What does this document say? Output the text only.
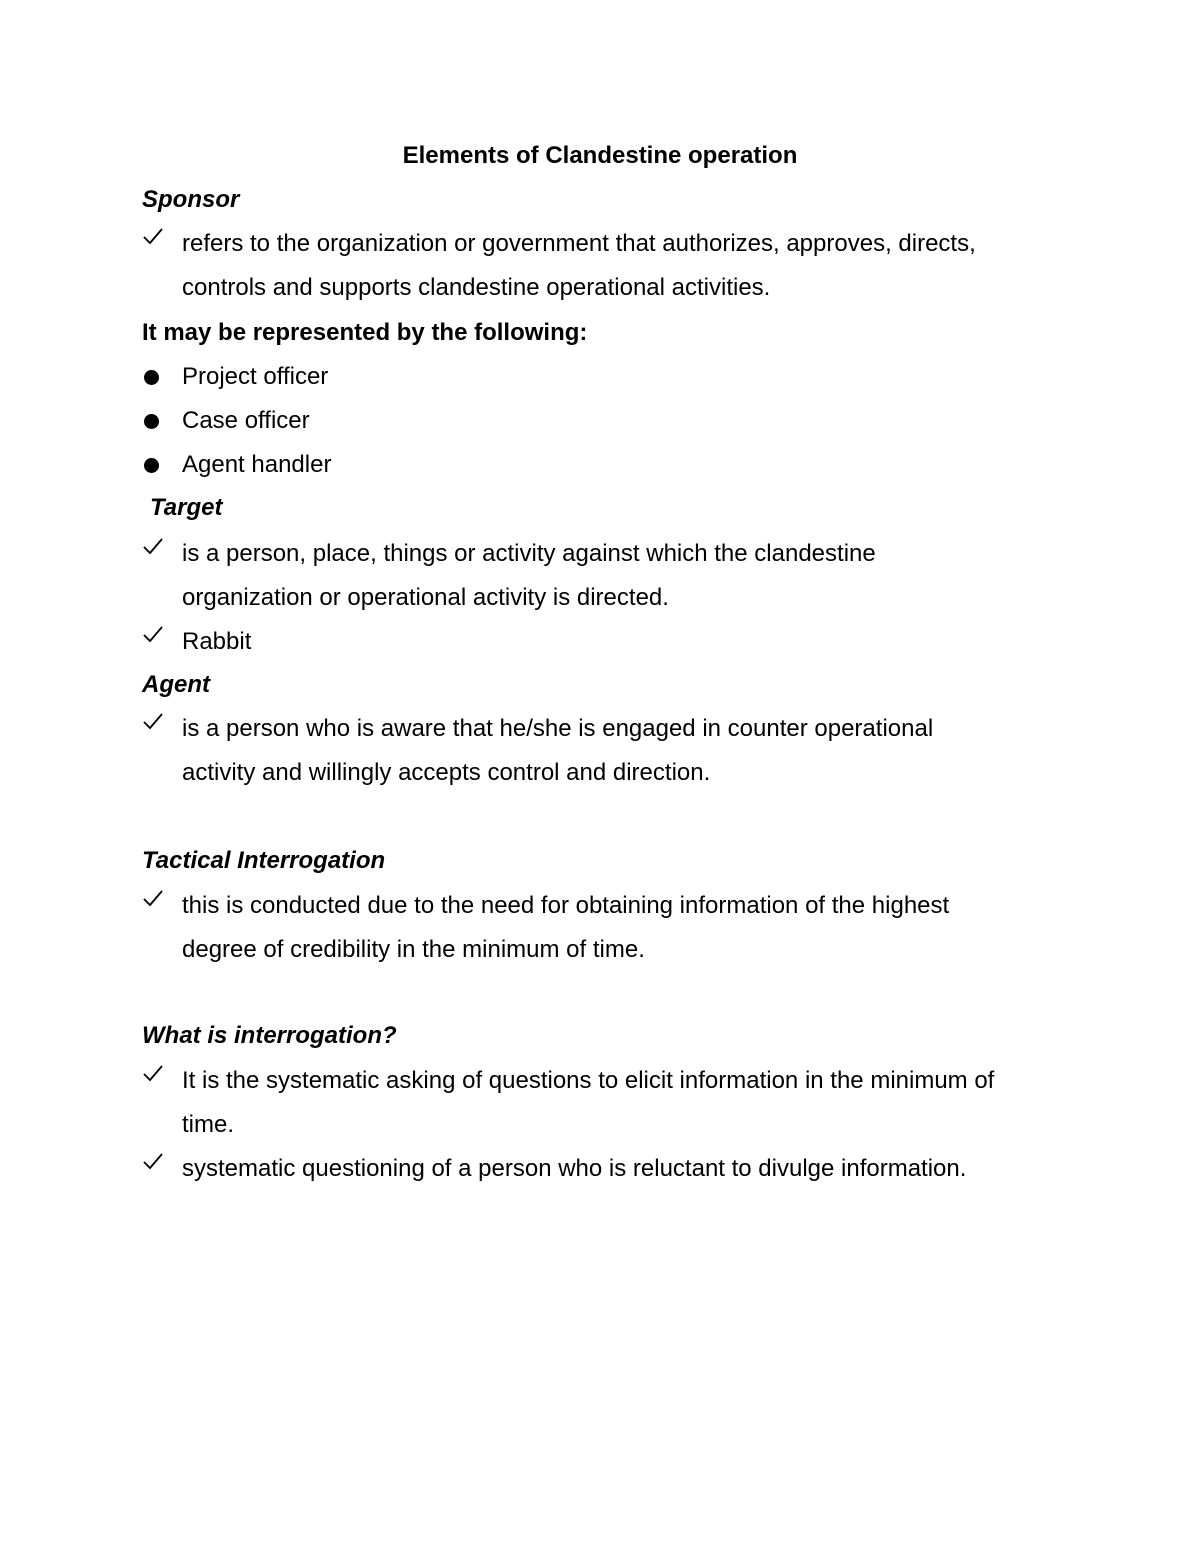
Elements of Clandestine operation
Sponsor
refers to the organization or government that authorizes, approves, directs,
controls and supports clandestine operational activities.
It may be represented by the following:
Project officer
Case officer
Agent handler
Target
is a person, place, things or activity against which the clandestine
organization or operational activity is directed.
Rabbit
Agent
is a person who is aware that he/she is engaged in counter operational
activity and willingly accepts control and direction.
Tactical Interrogation
this is conducted due to the need for obtaining information of the highest
degree of credibility in the minimum of time.
What is interrogation?
It is the systematic asking of questions to elicit information in the minimum of
time.
systematic questioning of a person who is reluctant to divulge information.
